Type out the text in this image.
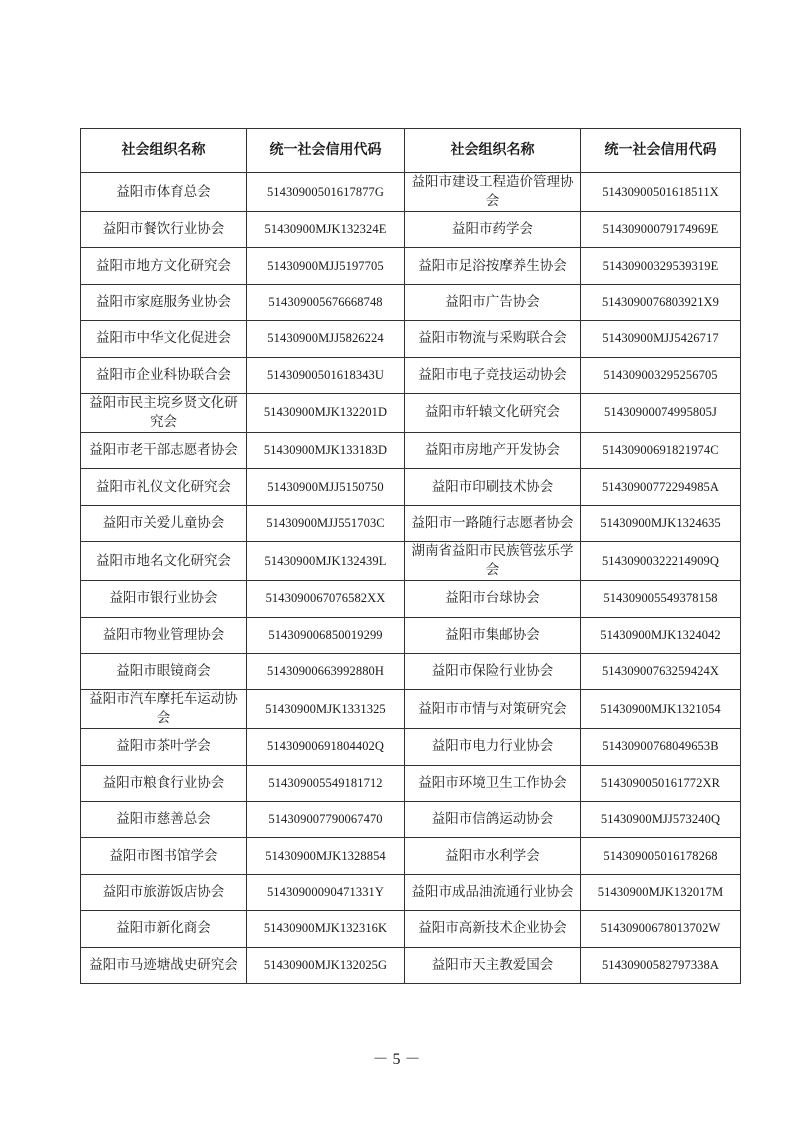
社会组织名称	统一社会信用代码	社会组织名称	统一社会信用代码
益阳市体育总会	51430900501617877G	益阳市建设工程造价管理协会	51430900501618511X
益阳市餐饮行业协会	51430900MJK132324E	益阳市药学会	51430900079174969E
益阳市地方文化研究会	51430900MJJ5197705	益阳市足浴按摩养生协会	5143090032953931​9E
益阳市家庭服务业协会	514309005676668748	益阳市广告协会	51430900768039​21X9
益阳市中华文化促进会	51430900MJJ5826224	益阳市物流与采购联合会	51430900MJJ5426717
益阳市企业科协联合会	51430900501618343U	益阳市电子竞技运动协会	514309003295256705
益阳市民主垸乡贤文化研究会	51430900MJK132201D	益阳市轩辕文化研究会	51430900074995805J
益阳市老干部志愿者协会	51430900MJK133183D	益阳市房地产开发协会	51430900691821974C
益阳市礼仪文化研究会	51430900MJJ5150750	益阳市印刷技术协会	51430900772294985A
益阳市关爱儿童协会	51430900MJJ551703C	益阳市一路随行志愿者协会	51430900MJK1324635
益阳市地名文化研究会	51430900MJK132439L	湖南省益阳市民族管弦乐学会	51430900322214909Q
益阳市银行业协会	5143090067076582XX	益阳市台球协会	514309005549378158
益阳市物业管理协会	514309006850019299	益阳市集邮协会	51430900MJK1324042
益阳市眼镜商会	51430900663992880H	益阳市保险行业协会	51430900763259424X
益阳市汽车摩托车运动协会	51430900MJK1331325	益阳市市情与对策研究会	51430900MJK1321054
益阳市茶叶学会	51430900691804402Q	益阳市电力行业协会	51430900768049653B
益阳市粮食行业协会	514309005549181712	益阳市环境卫生工作协会	51430900501617​72XR
益阳市慈善总会	514309007790067470	益阳市信鸽运动协会	51430900MJJ573240Q
益阳市图书馆学会	51430900MJK1328854	益阳市水利学会	514309005016178268
益阳市旅游饭店协会	51430900090471331Y	益阳市成品油流通行业协会	51430900MJK132017M
益阳市新化商会	51430900MJK132316K	益阳市高新技术企业协会	51430900678013702W
益阳市马迹塘战史研究会	51430900MJK132025G	益阳市天主教爱国会	51430900582797338A
－ 5 －
